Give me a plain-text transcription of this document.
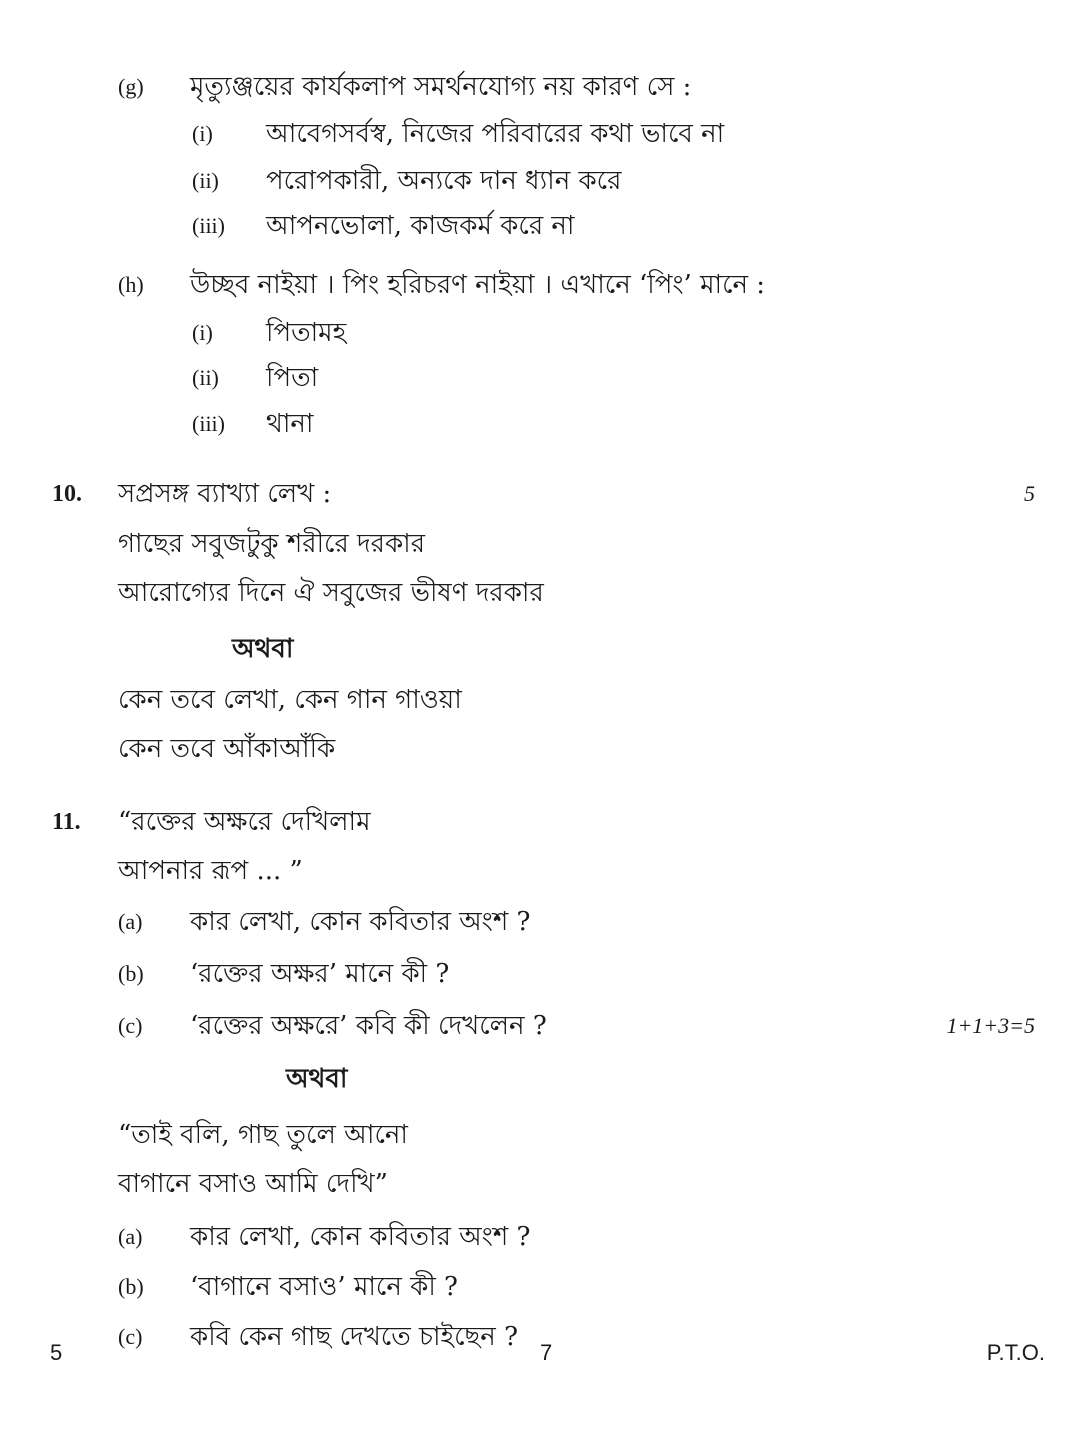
(g) মৃত্যুঞ্জয়ের কার্যকলাপ সমর্থনযোগ্য নয় কারণ সে :
(i) আবেগসর্বস্ব, নিজের পরিবারের কথা ভাবে না
(ii) পরোপকারী, অন্যকে দান ধ্যান করে
(iii) আপনভোলা, কাজকর্ম করে না
(h) উচ্ছব নাইয়া । পিং হরিচরণ নাইয়া । এখানে ‘পিং’ মানে :
(i) পিতামহ
(ii) পিতা
(iii) থানা
10. সপ্রসঙ্গ ব্যাখ্যা লেখ :	5
গাছের সবুজটুকু শরীরে দরকার
আরোগ্যের দিনে ঐ সবুজের ভীষণ দরকার
অথবা
কেন তবে লেখা, কেন গান গাওয়া
কেন তবে আঁকাআঁকি
11. “রক্তের অক্ষরে দেখিলাম
আপনার রূপ ... ”
(a) কার লেখা, কোন কবিতার অংশ ?
(b) ‘রক্তের অক্ষর’ মানে কী ?
(c) ‘রক্তের অক্ষরে’ কবি কী দেখলেন ?	1+1+3=5
অথবা
“তাই বলি, গাছ তুলে আনো
বাগানে বসাও আমি দেখি”
(a) কার লেখা, কোন কবিতার অংশ ?
(b) ‘বাগানে বসাও’ মানে কী ?
(c) কবি কেন গাছ দেখতে চাইছেন ?
5	7	P.T.O.
